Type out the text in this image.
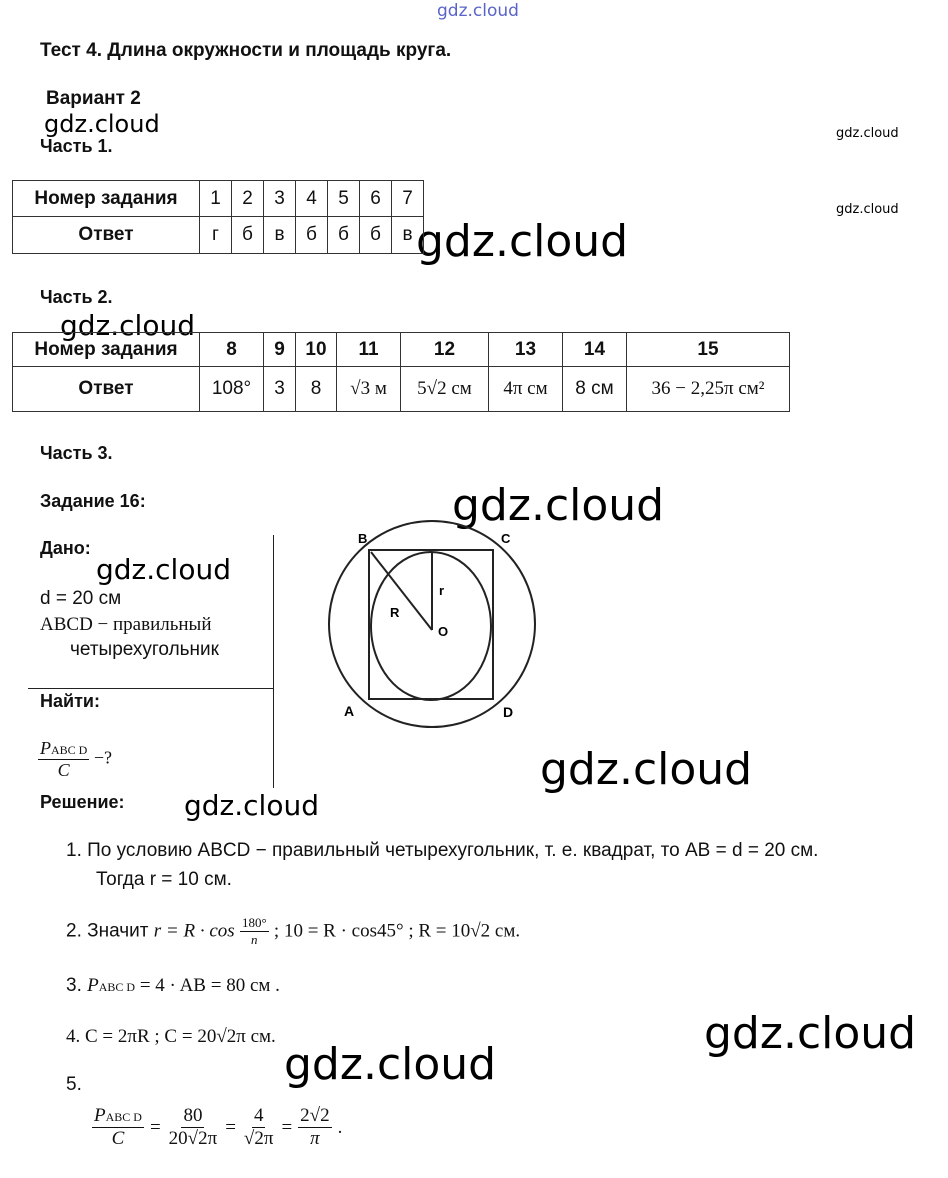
gdz.cloud
gdz.cloud	gdz.cloud
gdz.cloud
gdz.cloud
gdz.cloud
gdz.cloud
gdz.cloud
gdz.cloud
gdz.cloud
gdz.cloud
gdz.cloud
Тест 4. Длина окружности и площадь круга.
Вариант 2
Часть 1.
Номер задания	1	2	3	4	5	6	7
Ответ	г	б	в	б	б	б	в
Часть 2.
Номер задания	8	9	10	11	12	13	14	15
Ответ	108°	3	8	√3 м	5√2 см	4π см	8 см	36 − 2,25π см²
Часть 3.
Задание 16:
Дано:
d = 20 см
ABCD − правильный
четырехугольник
Найти:
$\frac{\text{PABC D}}{C}$ −?
Решение:
B	C
A	D
O
r
R
1. По условию ABCD − правильный четырехугольник, т. е. квадрат, то AB = d = 20 см.
Тогда r = 10 см.
2. Значит $r = R \cdot \cos \frac{180^\circ}{n}$ ; 10 = R · cos45° ; R = 10√2 см.
3. PABC D = 4 · AB = 80 см .
4. C = 2πR ; C = 20√2π см.
5.
$\frac{\text{PABC D}}{C} = \frac{80}{20√2\pi} = \frac{4}{√2\pi} = \frac{2√2}{\pi}$ .
